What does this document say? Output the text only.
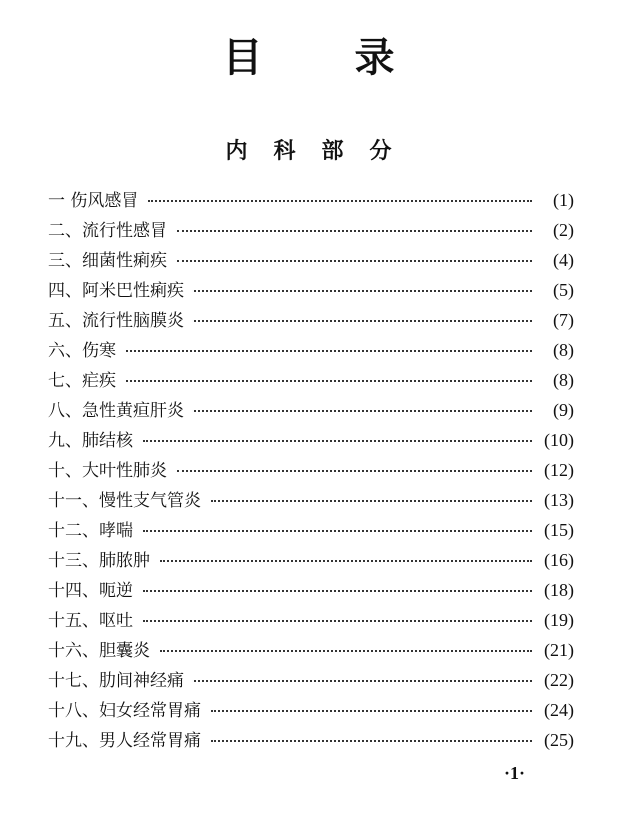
目 录
内 科 部 分
一 伤风感冒	(1)
二、流行性感冒	(2)
三、细菌性痢疾	(4)
四、阿米巴性痢疾	(5)
五、流行性脑膜炎	(7)
六、伤寒	(8)
七、疟疾	(8)
八、急性黄疸肝炎	(9)
九、肺结核	(10)
十、大叶性肺炎	(12)
十一、慢性支气管炎	(13)
十二、哮喘	(15)
十三、肺脓肿	(16)
十四、呃逆	(18)
十五、呕吐	(19)
十六、胆囊炎	(21)
十七、肋间神经痛	(22)
十八、妇女经常胃痛	(24)
十九、男人经常胃痛	(25)
·1·
